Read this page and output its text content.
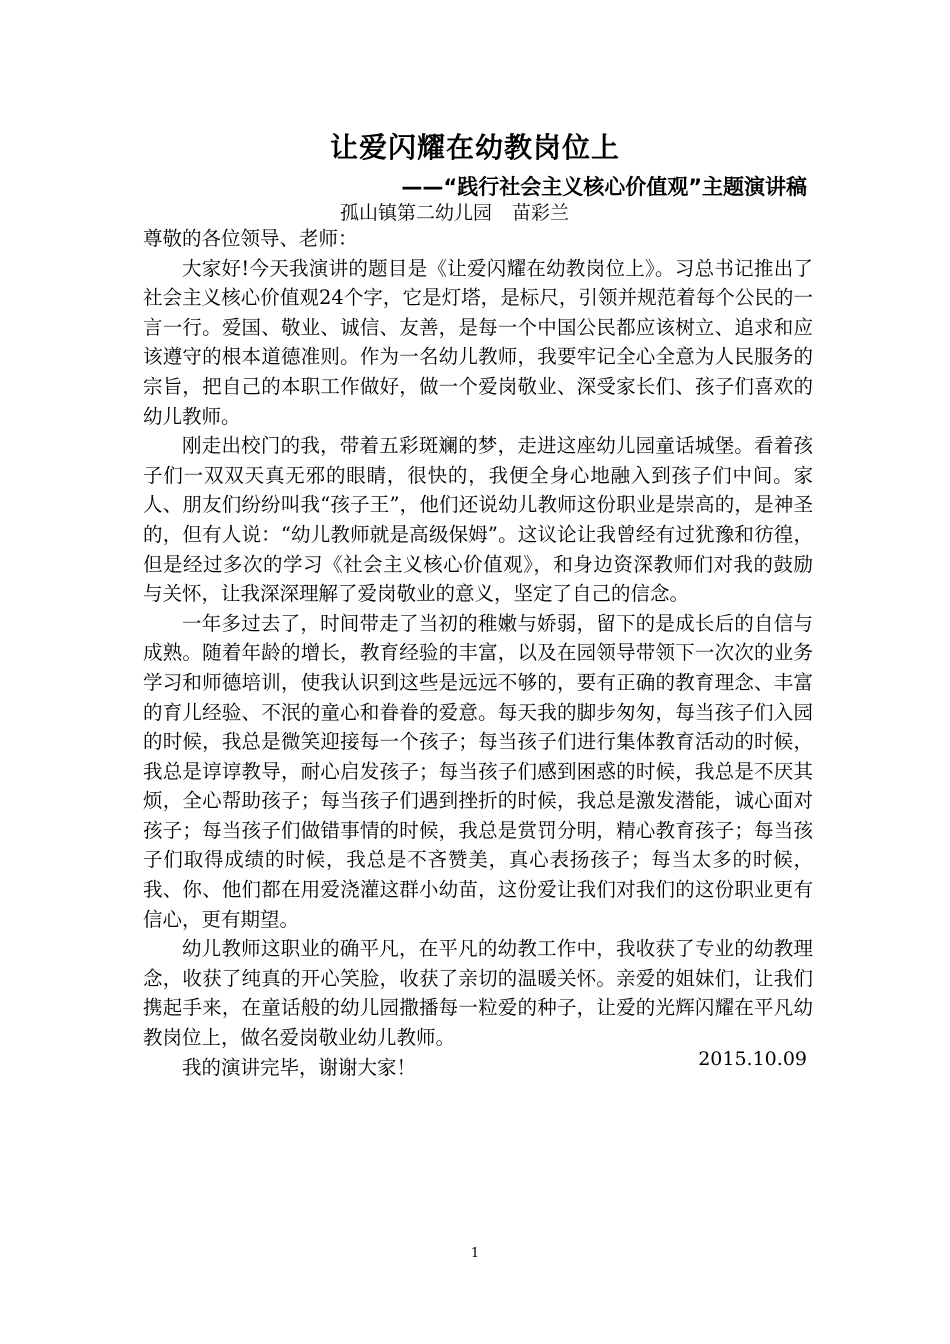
让爱闪耀在幼教岗位上
——“践行社会主义核心价值观”主题演讲稿
孤山镇第二幼儿园 苗彩兰

尊敬的各位领导、老师：

大家好!今天我演讲的题目是《让爱闪耀在幼教岗位上》。习总书记推出了社会主义核心价值观24个字，它是灯塔，是标尺，引领并规范着每个公民的一言一行。爱国、敬业、诚信、友善，是每一个中国公民都应该树立、追求和应该遵守的根本道德准则。作为一名幼儿教师，我要牢记全心全意为人民服务的宗旨，把自己的本职工作做好，做一个爱岗敬业、深受家长们、孩子们喜欢的幼儿教师。

刚走出校门的我，带着五彩斑斓的梦，走进这座幼儿园童话城堡。看着孩子们一双双天真无邪的眼睛，很快的，我便全身心地融入到孩子们中间。家人、朋友们纷纷叫我“孩子王”，他们还说幼儿教师这份职业是崇高的，是神圣的，但有人说：“幼儿教师就是高级保姆”。这议论让我曾经有过犹豫和彷徨，但是经过多次的学习《社会主义核心价值观》，和身边资深教师们对我的鼓励与关怀，让我深深理解了爱岗敬业的意义，坚定了自己的信念。

一年多过去了，时间带走了当初的稚嫩与娇弱，留下的是成长后的自信与成熟。随着年龄的增长，教育经验的丰富，以及在园领导带领下一次次的业务学习和师德培训，使我认识到这些是远远不够的，要有正确的教育理念、丰富的育儿经验、不泯的童心和眷眷的爱意。每天我的脚步匆匆，每当孩子们入园的时候，我总是微笑迎接每一个孩子；每当孩子们进行集体教育活动的时候，我总是谆谆教导，耐心启发孩子；每当孩子们感到困惑的时候，我总是不厌其烦，全心帮助孩子；每当孩子们遇到挫折的时候，我总是激发潜能，诚心面对孩子；每当孩子们做错事情的时候，我总是赏罚分明，精心教育孩子；每当孩子们取得成绩的时候，我总是不吝赞美，真心表扬孩子；每当太多的时候，我、你、他们都在用爱浇灌这群小幼苗，这份爱让我们对我们的这份职业更有信心，更有期望。

幼儿教师这职业的确平凡，在平凡的幼教工作中，我收获了专业的幼教理念，收获了纯真的开心笑脸，收获了亲切的温暖关怀。亲爱的姐妹们，让我们携起手来，在童话般的幼儿园撒播每一粒爱的种子，让爱的光辉闪耀在平凡幼教岗位上，做名爱岗敬业幼儿教师。

我的演讲完毕，谢谢大家！	2015.10.09
1
